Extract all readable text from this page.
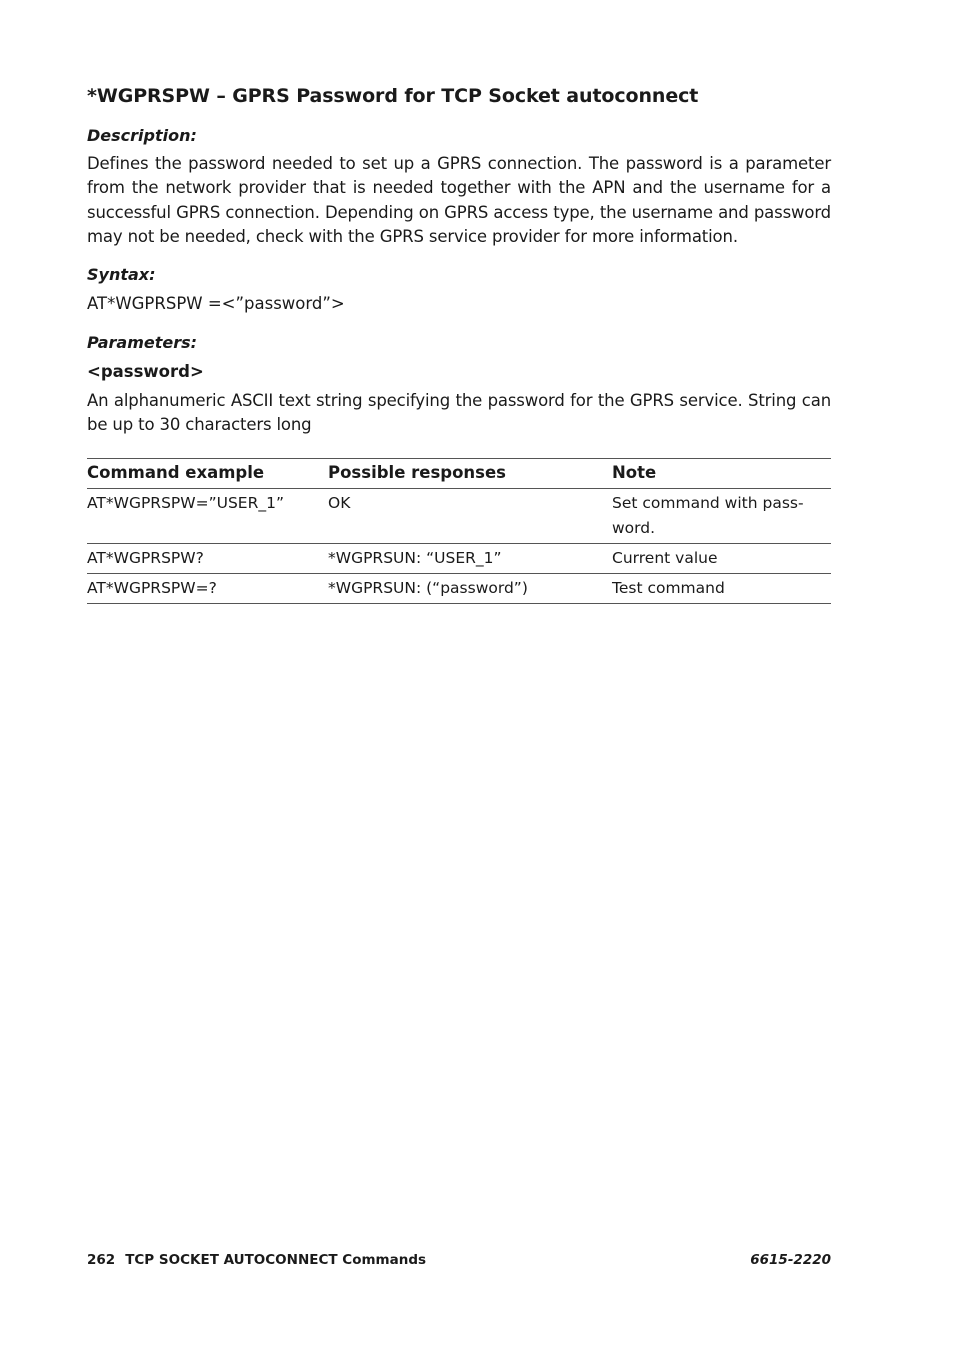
*WGPRSPW – GPRS Password for TCP Socket autoconnect

Description:

Defines the password needed to set up a GPRS connection. The password is a parameter from the network provider that is needed together with the APN and the username for a successful GPRS connection. Depending on GPRS access type, the username and password may not be needed, check with the GPRS service provider for more information.

Syntax:

AT*WGPRSPW =<”password”>

Parameters:

<password>

An alphanumeric ASCII text string specifying the password for the GPRS service. String can be up to 30 characters long

Command example	Possible responses	Note
AT*WGPRSPW=”USER_1”	OK	Set command with pass-word.
AT*WGPRSPW?	*WGPRSUN: “USER_1”	Current value
AT*WGPRSPW=?	*WGPRSUN: (“password”)	Test command
262 TCP SOCKET AUTOCONNECT Commands	6615-2220
